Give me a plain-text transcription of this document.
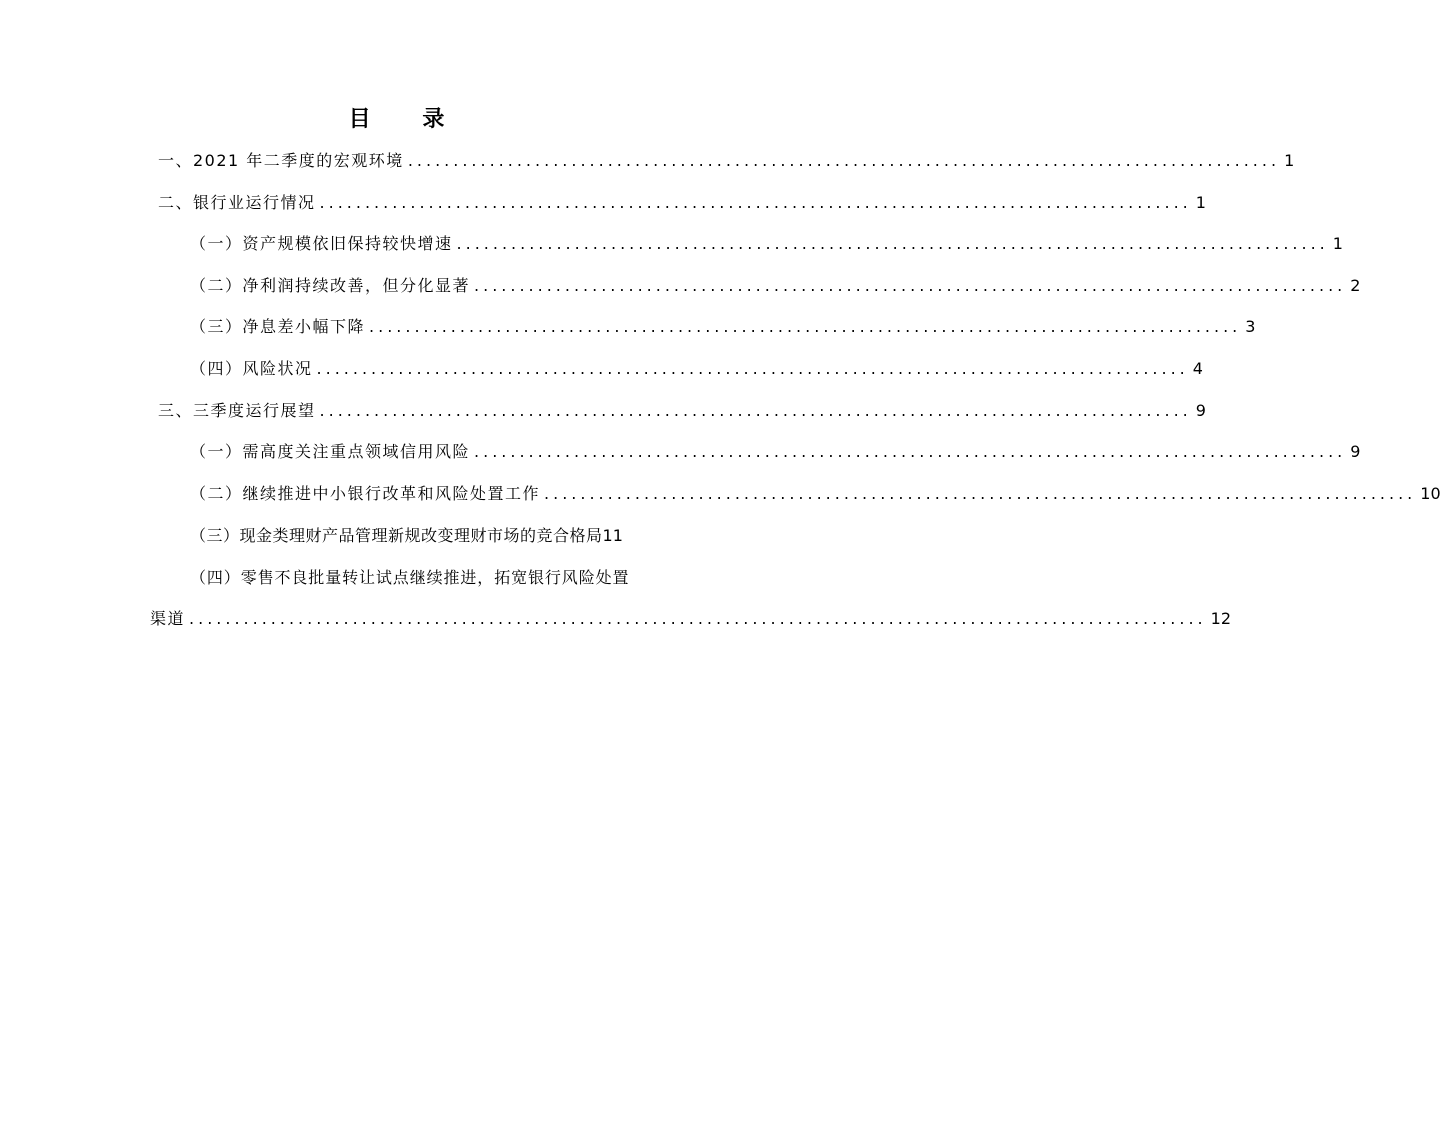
目 录
一、2021 年二季度的宏观环境 ................................................................................................ 1
二、银行业运行情况 ................................................................................................ 1
（一）资产规模依旧保持较快增速 ................................................................................................ 1
（二）净利润持续改善，但分化显著 ................................................................................................ 2
（三）净息差小幅下降 ................................................................................................ 3
（四）风险状况 ................................................................................................ 4
三、三季度运行展望 ................................................................................................ 9
（一）需高度关注重点领域信用风险 ................................................................................................ 9
（二）继续推进中小银行改革和风险处置工作 ................................................................................................ 10
（三）现金类理财产品管理新规改变理财市场的竞合格局 11
（四）零售不良批量转让试点继续推进，拓宽银行风险处置
渠道 ................................................................................................................ 12
